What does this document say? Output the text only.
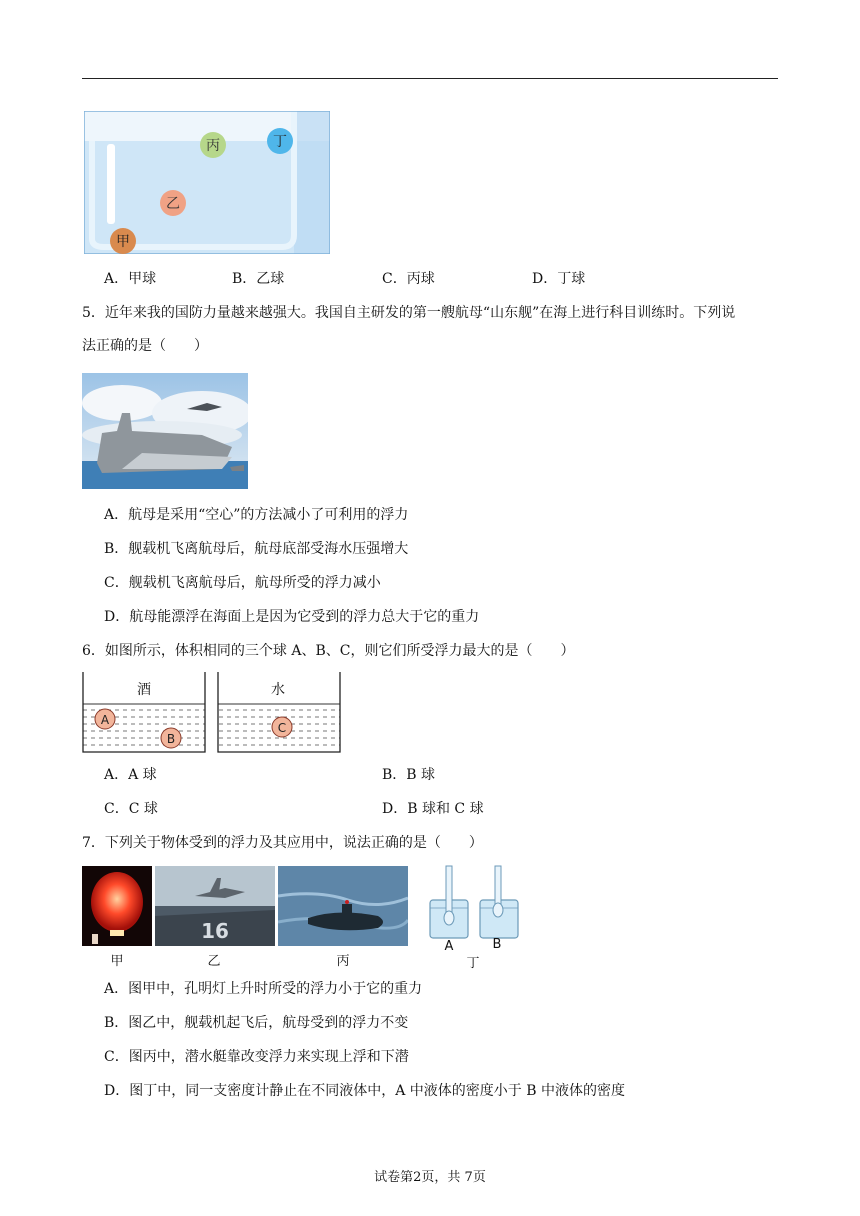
丙	丁
乙
甲
A．甲球	B．乙球	C．丙球	D．丁球
5．近年来我的国防力量越来越强大。我国自主研发的第一艘航母“山东舰”在海上进行科目训练时。下列说
法正确的是（　　）
A．航母是采用“空心”的方法减小了可利用的浮力
B．舰载机飞离航母后，航母底部受海水压强增大
C．舰载机飞离航母后，航母所受的浮力减小
D．航母能漂浮在海面上是因为它受到的浮力总大于它的重力
6．如图所示，体积相同的三个球 A、B、C，则它们所受浮力最大的是（　　）
酒
A
B
水
C
A．A 球	B．B 球
C．C 球	D．B 球和 C 球
7．下列关于物体受到的浮力及其应用中，说法正确的是（　　）
甲
16
乙	丙
A	B
丁
A．图甲中，孔明灯上升时所受的浮力小于它的重力
B．图乙中，舰载机起飞后，航母受到的浮力不变
C．图丙中，潜水艇靠改变浮力来实现上浮和下潜
D．图丁中，同一支密度计静止在不同液体中，A 中液体的密度小于 B 中液体的密度
试卷第2页，共 7页
